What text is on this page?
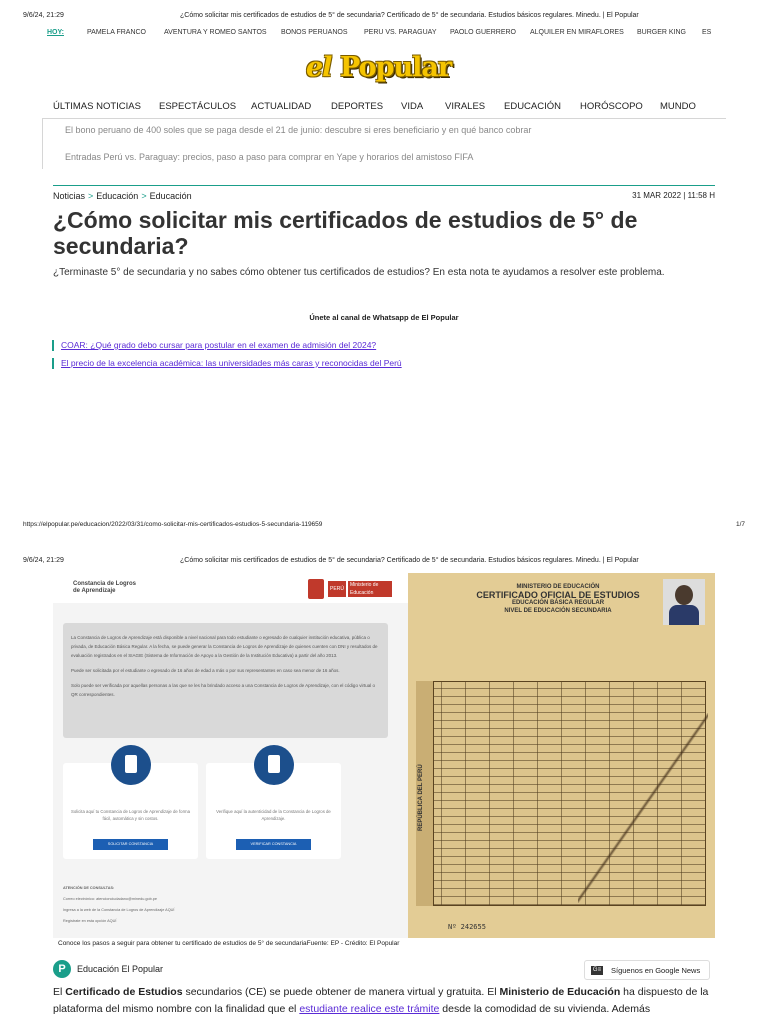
9/6/24, 21:29	¿Cómo solicitar mis certificados de estudios de 5° de secundaria? Certificado de 5° de secundaria. Estudios básicos regulares. Minedu. | El Popular
HOY:	PAMELA FRANCO	AVENTURA Y ROMEO SANTOS BONOS PERUANOS PERÚ VS. PARAGUAY PAOLO GUERRERO ALQUILER EN MIRAFLORES BURGER KING ES
el Popular
ÚLTIMAS NOTICIAS ESPECTÁCULOS ACTUALIDAD DEPORTES VIDA VIRALES EDUCACIÓN HORÓSCOPO MUNDO
El bono peruano de 400 soles que se paga desde el 21 de junio: descubre si eres beneficiario y en qué banco cobrar
Entradas Perú vs. Paraguay: precios, paso a paso para comprar en Yape y horarios del amistoso FIFA
Noticias > Educación > Educación	31 MAR 2022 | 11:58 H
¿Cómo solicitar mis certificados de estudios de 5° de secundaria?

¿Terminaste 5° de secundaria y no sabes cómo obtener tus certificados de estudios? En esta nota te ayudamos a resolver este problema.

Únete al canal de Whatsapp de El Popular
COAR: ¿Qué grado debo cursar para postular en el examen de admisión del 2024?
El precio de la excelencia académica: las universidades más caras y reconocidas del Perú
https://elpopular.pe/educacion/2022/03/31/como-solicitar-mis-certificados-estudios-5-secundaria-119659	1/7
9/6/24, 21:29	¿Cómo solicitar mis certificados de estudios de 5° de secundaria? Certificado de 5° de secundaria. Estudios básicos regulares. Minedu. | El Popular
Constancia de Logros
de Aprendizaje	PERÚ
Ministerio de Educación

La Constancia de Logros de Aprendizaje está disponible a nivel nacional para todo estudiante o egresado de cualquier institución educativa, pública o privada, de Educación Básica Regular. A la fecha, se puede generar la Constancia de Logros de Aprendizaje de quienes cuenten con DNI y resultados de evaluación registrados en el SIAGIE (Sistema de Información de Apoyo a la Gestión de la Institución Educativa) a partir del año 2013.

Puede ser solicitada por el estudiante o egresado de 16 años de edad a más o por sus representantes en caso sea menor de 16 años.

Solo puede ser verificada por aquellas personas a las que se les ha brindado acceso a una Constancia de Logros de Aprendizaje, con el código virtual o QR correspondientes.

Solicita aquí tu Constancia de Logros de Aprendizaje de forma fácil, automática y sin costos.
SOLICITAR CONSTANCIA
Verifique aquí la autenticidad de la Constancia de Logros de Aprendizaje.
VERIFICAR CONSTANCIA
ATENCIÓN DE CONSULTAS:
Correo electrónico: atencionciudadano@minedu.gob.pe
Ingresa a la web de la Constancia de Logros de Aprendizaje AQUÍ
Regístrate en esta opción AQUÍ
MINISTERIO DE EDUCACIÓN
CERTIFICADO OFICIAL DE ESTUDIOS
EDUCACIÓN BÁSICA REGULAR
NIVEL DE EDUCACIÓN SECUNDARIA
REPÚBLICA DEL PERÚ
Nº 242655
Conoce los pasos a seguir para obtener tu certificado de estudios de 5° de secundariaFuente: EP - Crédito: El Popular
P	Educación El Popular	G≡ Síguenos en Google News

El Certificado de Estudios secundarios (CE) se puede obtener de manera virtual y gratuita. El Ministerio de Educación ha dispuesto de la plataforma del mismo nombre con la finalidad que el estudiante realice este trámite desde la comodidad de su vivienda. Además
